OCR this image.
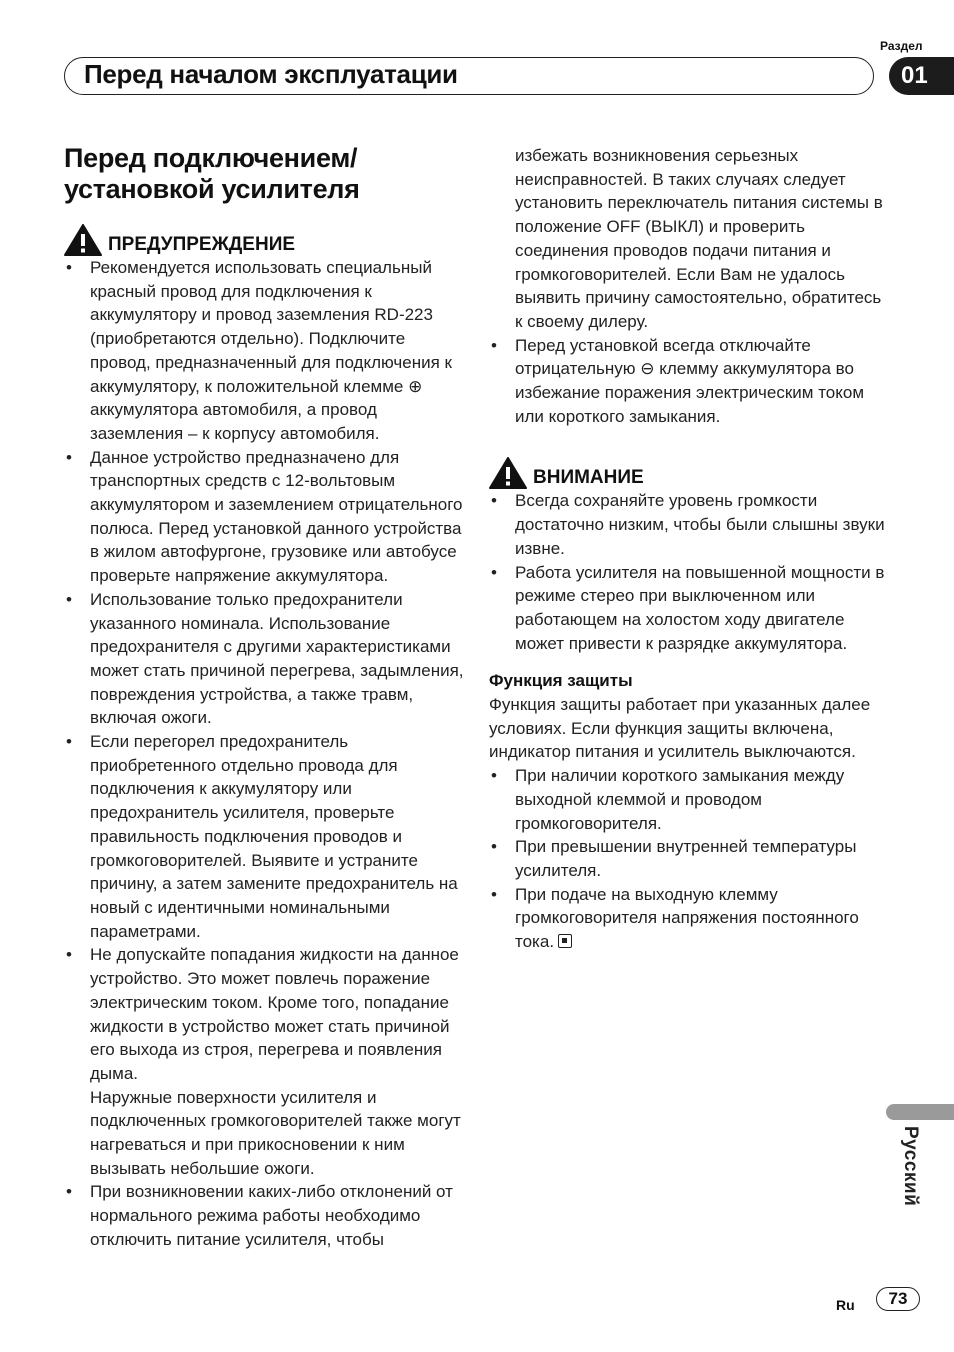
Раздел
Перед началом эксплуатации	01
Перед подключением/ установкой усилителя
ПРЕДУПРЕЖДЕНИЕ
• Рекомендуется использовать специальный красный провод для подключения к аккумулятору и провод заземления RD-223 (приобретаются отдельно). Подключите провод, предназначенный для подключения к аккумулятору, к положительной клемме ⊕ аккумулятора автомобиля, а провод заземления – к корпусу автомобиля.
• Данное устройство предназначено для транспортных средств с 12-вольтовым аккумулятором и заземлением отрицательного полюса. Перед установкой данного устройства в жилом автофургоне, грузовике или автобусе проверьте напряжение аккумулятора.
• Использование только предохранители указанного номинала. Использование предохранителя с другими характеристиками может стать причиной перегрева, задымления, повреждения устройства, а также травм, включая ожоги.
• Если перегорел предохранитель приобретенного отдельно провода для подключения к аккумулятору или предохранитель усилителя, проверьте правильность подключения проводов и громкоговорителей. Выявите и устраните причину, а затем замените предохранитель на новый с идентичными номинальными параметрами.
• Не допускайте попадания жидкости на данное устройство. Это может повлечь поражение электрическим током. Кроме того, попадание жидкости в устройство может стать причиной его выхода из строя, перегрева и появления дыма.
Наружные поверхности усилителя и подключенных громкоговорителей также могут нагреваться и при прикосновении к ним вызывать небольшие ожоги.
• При возникновении каких-либо отклонений от нормального режима работы необходимо отключить питание усилителя, чтобы
избежать возникновения серьезных неисправностей. В таких случаях следует установить переключатель питания системы в положение OFF (ВЫКЛ) и проверить соединения проводов подачи питания и громкоговорителей. Если Вам не удалось выявить причину самостоятельно, обратитесь к своему дилеру.
• Перед установкой всегда отключайте отрицательную ⊖ клемму аккумулятора во избежание поражения электрическим током или короткого замыкания.
ВНИМАНИЕ
• Всегда сохраняйте уровень громкости достаточно низким, чтобы были слышны звуки извне.
• Работа усилителя на повышенной мощности в режиме стерео при выключенном или работающем на холостом ходу двигателе может привести к разрядке аккумулятора.
Функция защиты
Функция защиты работает при указанных далее условиях. Если функция защиты включена, индикатор питания и усилитель выключаются.
• При наличии короткого замыкания между выходной клеммой и проводом громкоговорителя.
• При превышении внутренней температуры усилителя.
• При подаче на выходную клемму громкоговорителя напряжения постоянного тока.
Русский
Ru	73
